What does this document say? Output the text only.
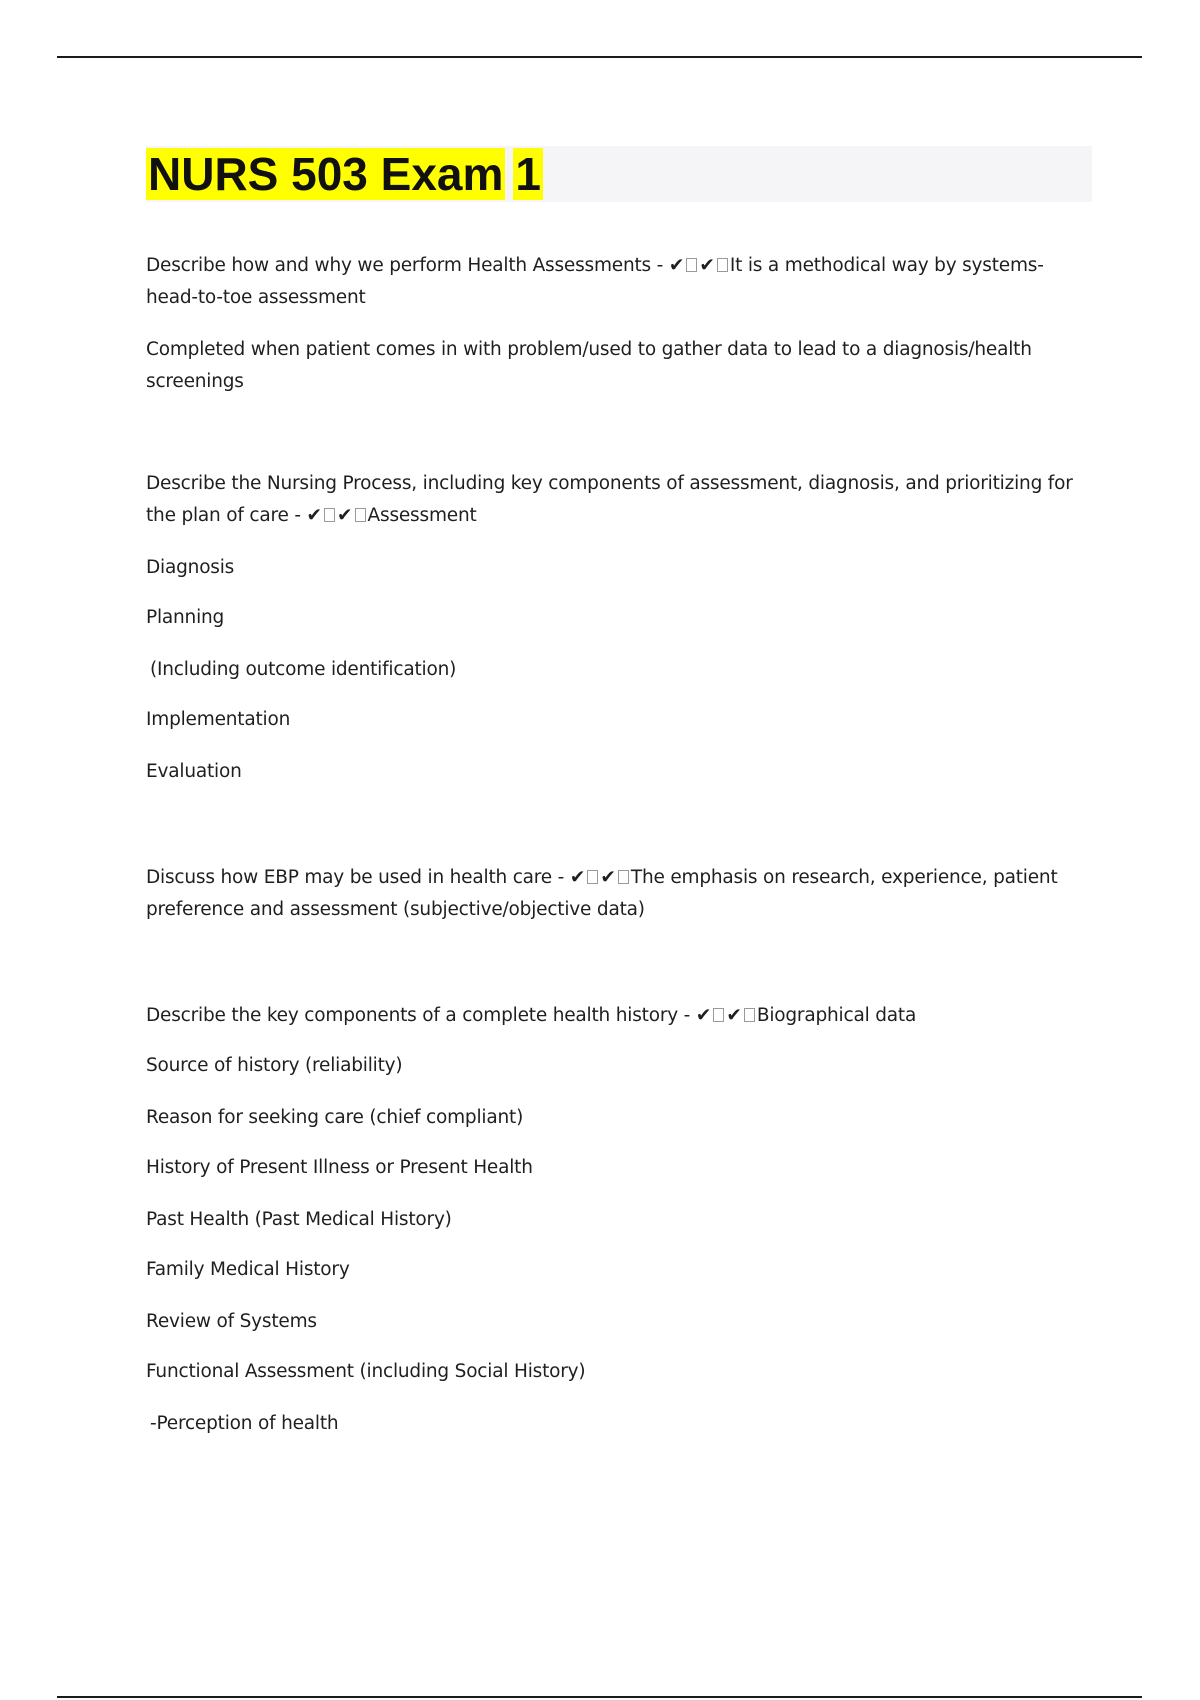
NURS 503 Exam 1

Describe how and why we perform Health Assessments - ✔ ✔ It is a methodical way by systems-head-to-toe assessment

Completed when patient comes in with problem/used to gather data to lead to a diagnosis/health screenings

Describe the Nursing Process, including key components of assessment, diagnosis, and prioritizing for the plan of care - ✔ ✔ Assessment

Diagnosis

Planning

(Including outcome identification)

Implementation

Evaluation

Discuss how EBP may be used in health care - ✔ ✔ The emphasis on research, experience, patient preference and assessment (subjective/objective data)

Describe the key components of a complete health history - ✔ ✔ Biographical data

Source of history (reliability)

Reason for seeking care (chief compliant)

History of Present Illness or Present Health

Past Health (Past Medical History)

Family Medical History

Review of Systems

Functional Assessment (including Social History)

-Perception of health
